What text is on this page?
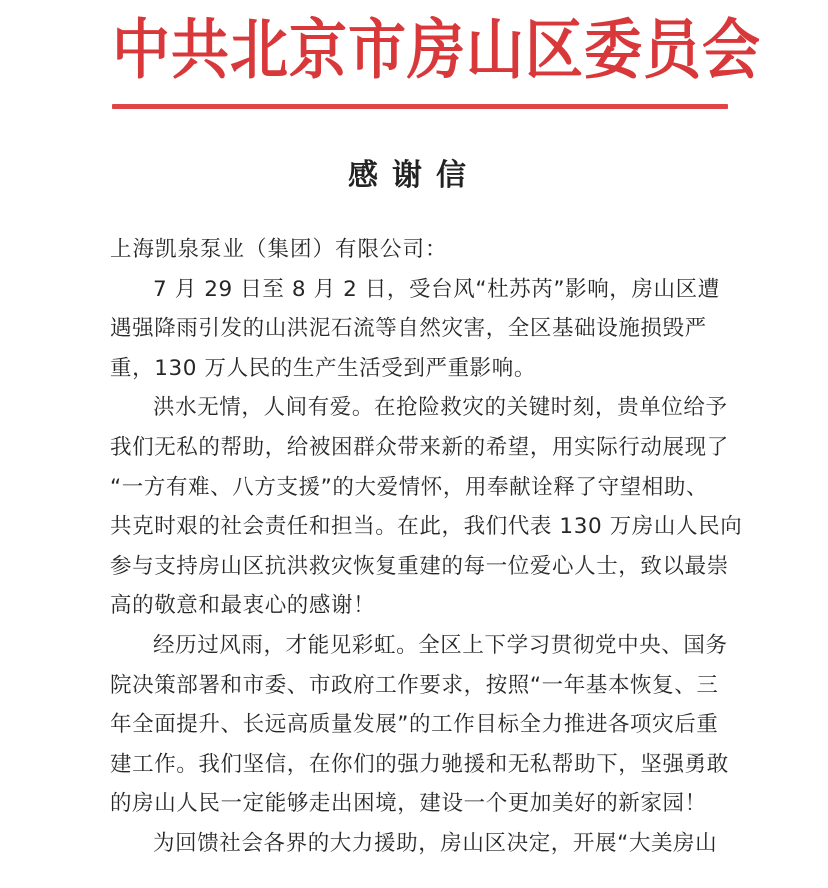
中共北京市房山区委员会
感谢信

上海凯泉泵业（集团）有限公司：

7 月 29 日至 8 月 2 日，受台风“杜苏芮”影响，房山区遭
遇强降雨引发的山洪泥石流等自然灾害，全区基础设施损毁严
重，130 万人民的生产生活受到严重影响。

洪水无情，人间有爱。在抢险救灾的关键时刻，贵单位给予
我们无私的帮助，给被困群众带来新的希望，用实际行动展现了
“一方有难、八方支援”的大爱情怀，用奉献诠释了守望相助、
共克时艰的社会责任和担当。在此，我们代表 130 万房山人民向
参与支持房山区抗洪救灾恢复重建的每一位爱心人士，致以最崇
高的敬意和最衷心的感谢！

经历过风雨，才能见彩虹。全区上下学习贯彻党中央、国务
院决策部署和市委、市政府工作要求，按照“一年基本恢复、三
年全面提升、长远高质量发展”的工作目标全力推进各项灾后重
建工作。我们坚信，在你们的强力驰援和无私帮助下，坚强勇敢
的房山人民一定能够走出困境，建设一个更加美好的新家园！

为回馈社会各界的大力援助，房山区决定，开展“大美房山
